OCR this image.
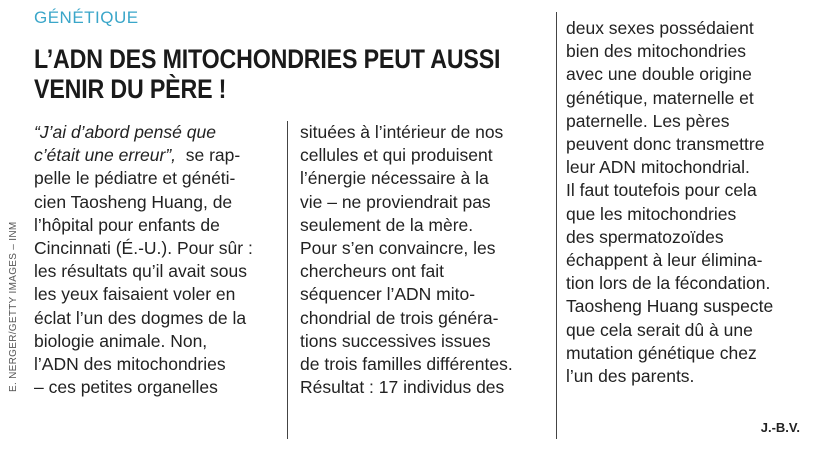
GÉNÉTIQUE
L’ADN DES MITOCHONDRIES PEUT AUSSI
VENIR DU PÈRE !
E. NERGER/GETTY IMAGES – INM
“J’ai d’abord pensé que
c’était une erreur”,  se rap-
pelle le pédiatre et généti-
cien Taosheng Huang, de
l’hôpital pour enfants de
Cincinnati (É.-U.). Pour sûr :
les résultats qu’il avait sous
les yeux faisaient voler en
éclat l’un des dogmes de la
biologie animale. Non,
l’ADN des mitochondries
– ces petites organelles
situées à l’intérieur de nos
cellules et qui produisent
l’énergie nécessaire à la
vie – ne proviendrait pas
seulement de la mère.
Pour s’en convaincre, les
chercheurs ont fait
séquencer l’ADN mito-
chondrial de trois généra-
tions successives issues
de trois familles différentes.
Résultat : 17 individus des
deux sexes possédaient
bien des mitochondries
avec une double origine
génétique, maternelle et
paternelle. Les pères
peuvent donc transmettre
leur ADN mitochondrial.
Il faut toutefois pour cela
que les mitochondries
des spermatozoïdes
échappent à leur élimina-
tion lors de la fécondation.
Taosheng Huang suspecte
que cela serait dû à une
mutation génétique chez
l’un des parents.
J.-B.V.
